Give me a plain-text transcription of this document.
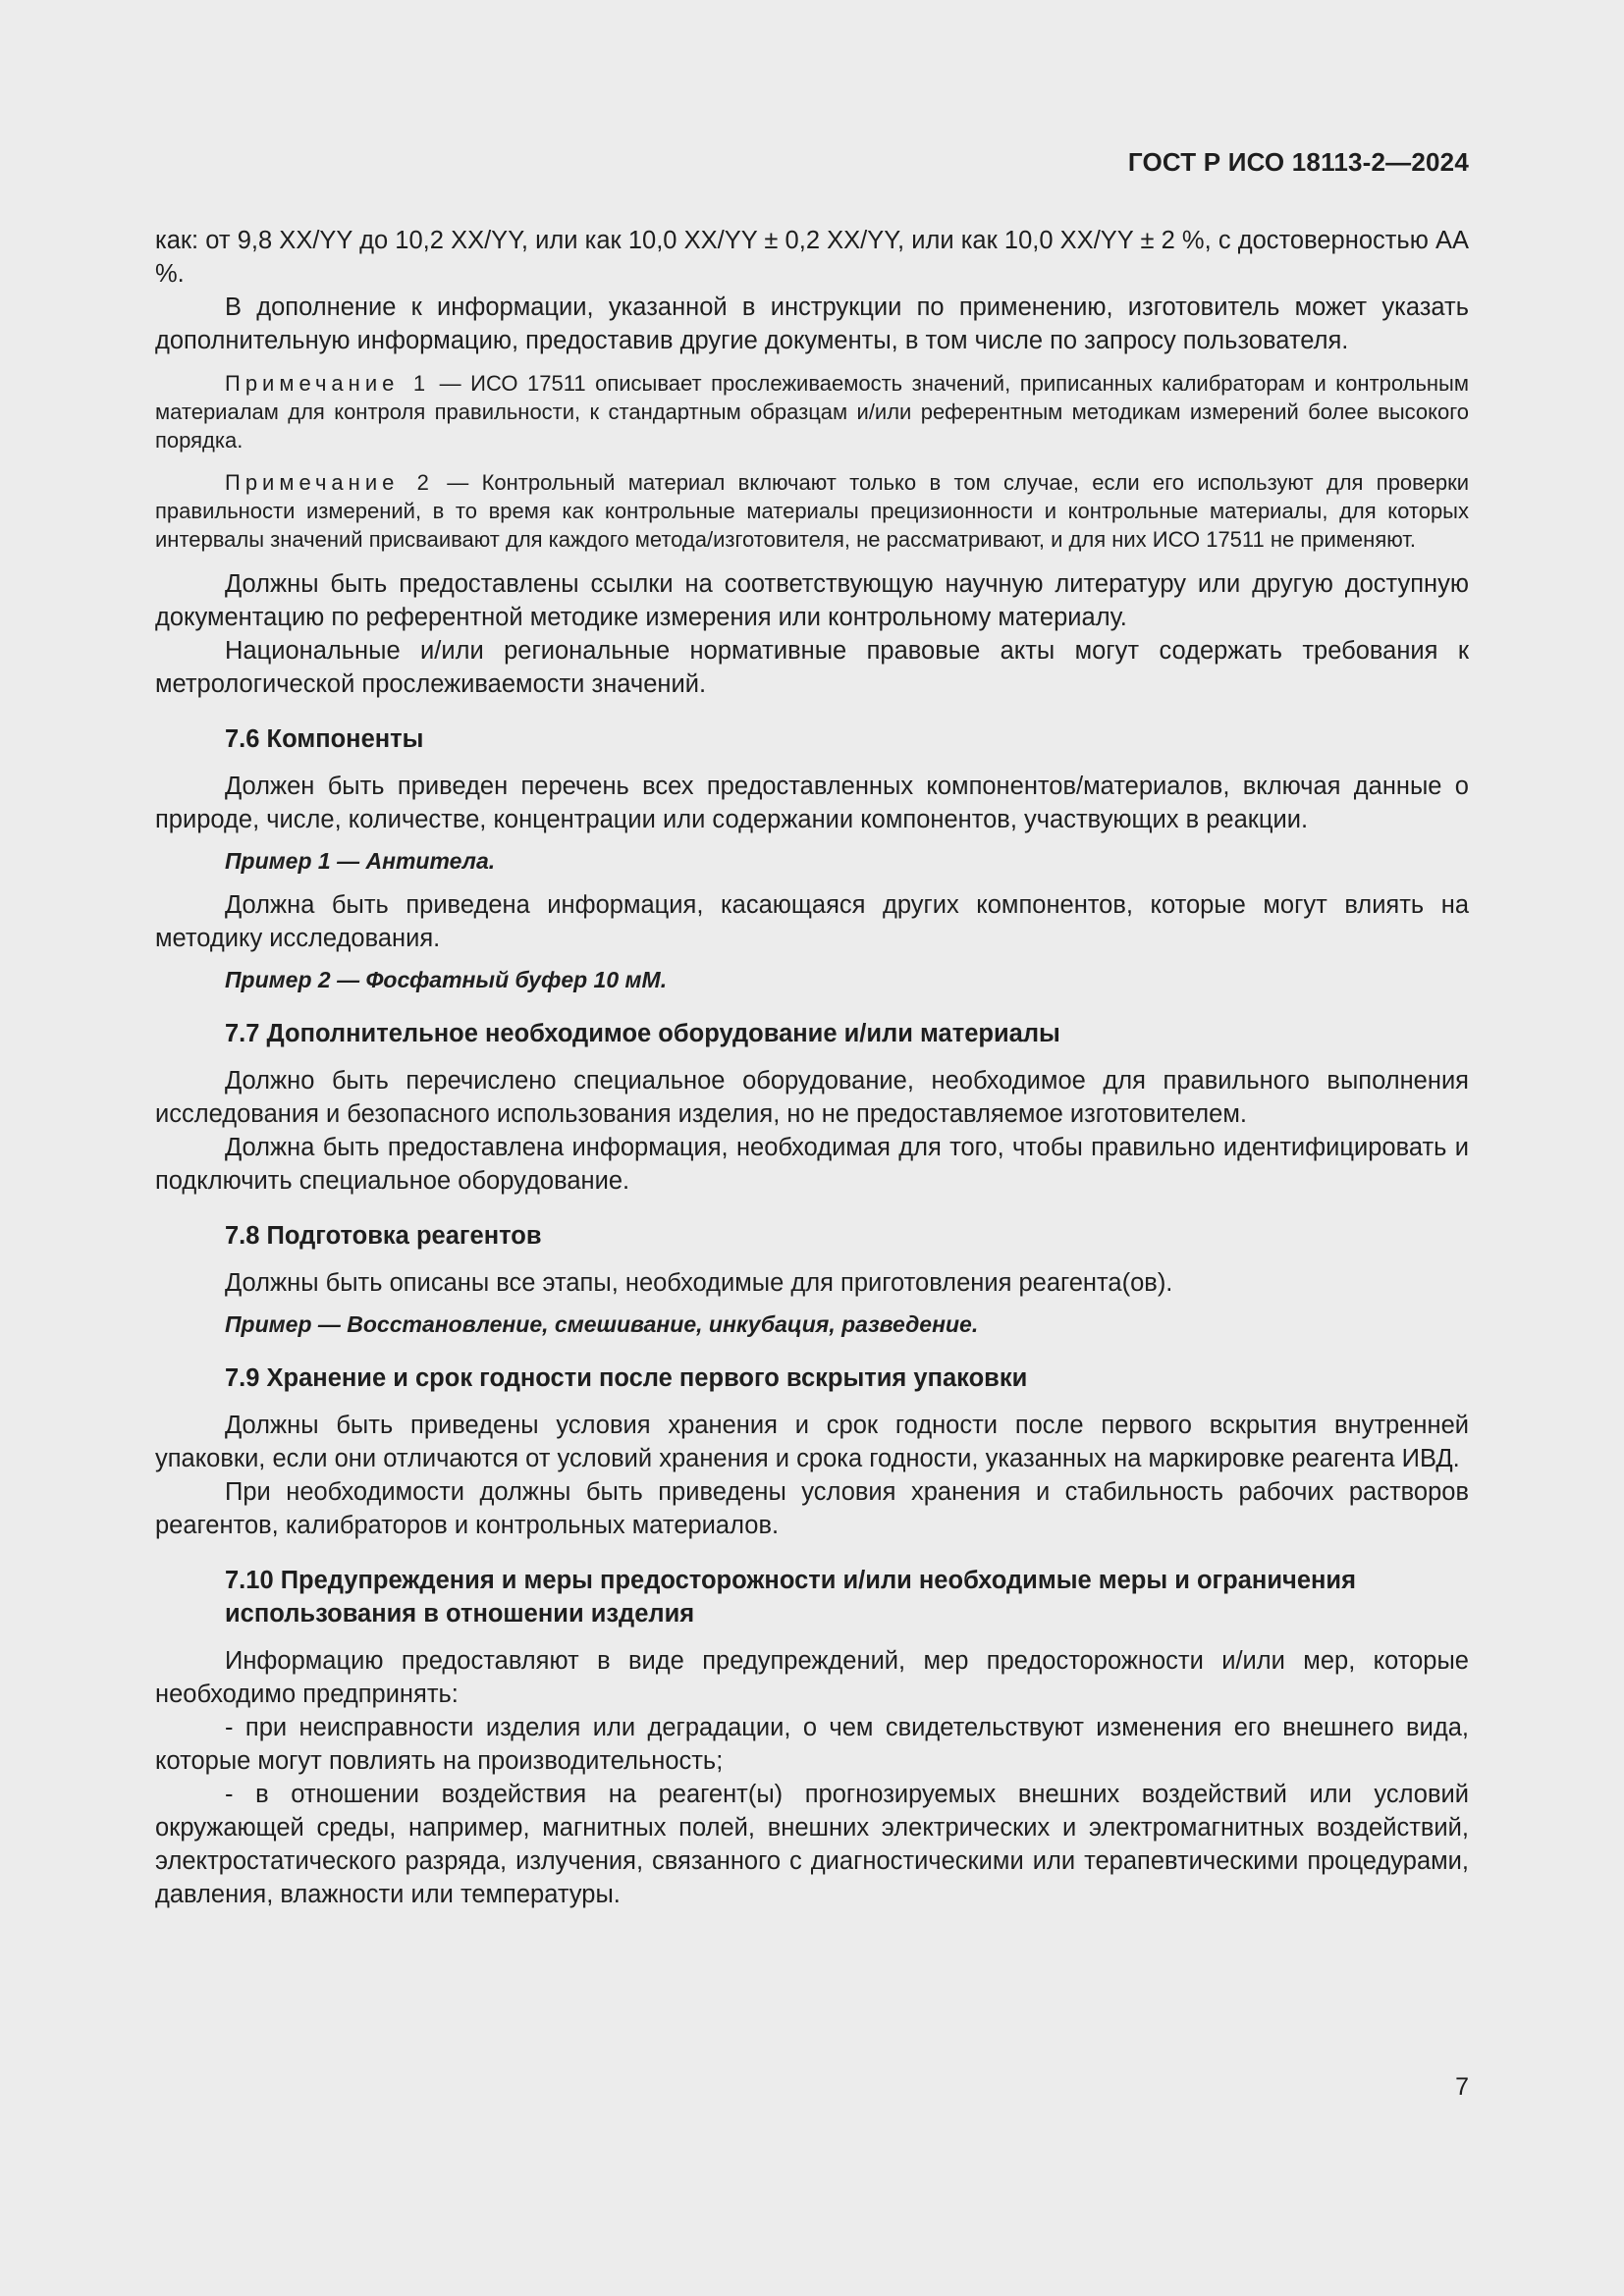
ГОСТ Р ИСО 18113-2—2024

как: от 9,8 XX/YY до 10,2 XX/YY, или как 10,0 XX/YY ± 0,2 XX/YY, или как 10,0 XX/YY ± 2 %, с достоверностью AA %.

В дополнение к информации, указанной в инструкции по применению, изготовитель может указать дополнительную информацию, предоставив другие документы, в том числе по запросу пользователя.

Примечание 1 — ИСО 17511 описывает прослеживаемость значений, приписанных калибраторам и контрольным материалам для контроля правильности, к стандартным образцам и/или референтным методикам измерений более высокого порядка.

Примечание 2 — Контрольный материал включают только в том случае, если его используют для проверки правильности измерений, в то время как контрольные материалы прецизионности и контрольные материалы, для которых интервалы значений присваивают для каждого метода/изготовителя, не рассматривают, и для них ИСО 17511 не применяют.

Должны быть предоставлены ссылки на соответствующую научную литературу или другую доступную документацию по референтной методике измерения или контрольному материалу.

Национальные и/или региональные нормативные правовые акты могут содержать требования к метрологической прослеживаемости значений.

7.6 Компоненты

Должен быть приведен перечень всех предоставленных компонентов/материалов, включая данные о природе, числе, количестве, концентрации или содержании компонентов, участвующих в реакции.

Пример 1 — Антитела.

Должна быть приведена информация, касающаяся других компонентов, которые могут влиять на методику исследования.

Пример 2 — Фосфатный буфер 10 мМ.
7.7 Дополнительное необходимое оборудование и/или материалы

Должно быть перечислено специальное оборудование, необходимое для правильного выполнения исследования и безопасного использования изделия, но не предоставляемое изготовителем.

Должна быть предоставлена информация, необходимая для того, чтобы правильно идентифицировать и подключить специальное оборудование.

7.8 Подготовка реагентов

Должны быть описаны все этапы, необходимые для приготовления реагента(ов).

Пример — Восстановление, смешивание, инкубация, разведение.
7.9 Хранение и срок годности после первого вскрытия упаковки

Должны быть приведены условия хранения и срок годности после первого вскрытия внутренней упаковки, если они отличаются от условий хранения и срока годности, указанных на маркировке реагента ИВД.

При необходимости должны быть приведены условия хранения и стабильность рабочих растворов реагентов, калибраторов и контрольных материалов.

7.10 Предупреждения и меры предосторожности и/или необходимые меры и ограничения использования в отношении изделия

Информацию предоставляют в виде предупреждений, мер предосторожности и/или мер, которые необходимо предпринять:

- при неисправности изделия или деградации, о чем свидетельствуют изменения его внешнего вида, которые могут повлиять на производительность;

- в отношении воздействия на реагент(ы) прогнозируемых внешних воздействий или условий окружающей среды, например, магнитных полей, внешних электрических и электромагнитных воздействий, электростатического разряда, излучения, связанного с диагностическими или терапевтическими процедурами, давления, влажности или температуры.

7
